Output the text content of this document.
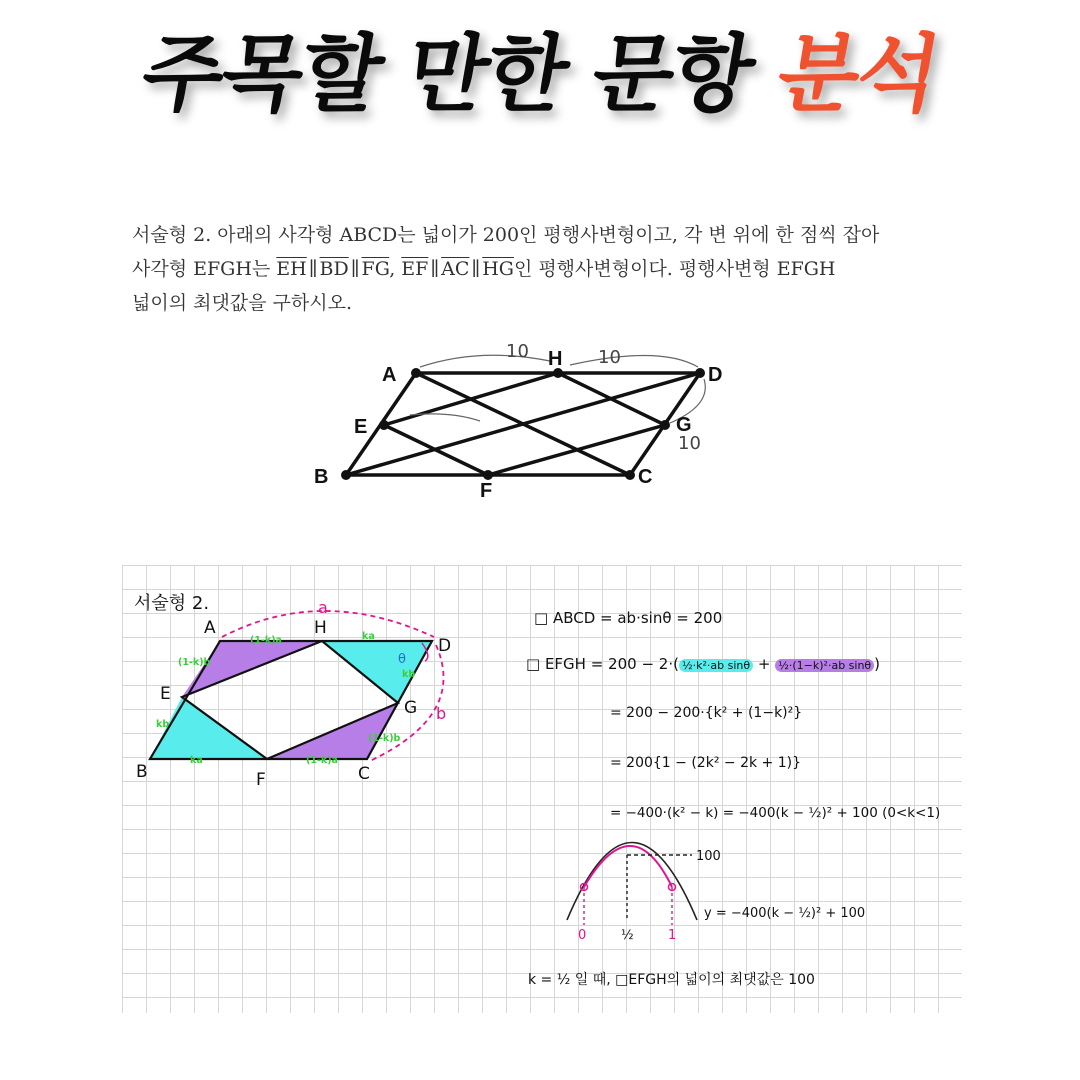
주목할 만한 문항 분석
서술형 2. 아래의 사각형 ABCD는 넓이가 200인 평행사변형이고, 각 변 위에 한 점씩 잡아
사각형 EFGH는 $\overline{EH}$ ∥ $\overline{BD}$ ∥ $\overline{FG}$, $\overline{EF}$ ∥ $\overline{AC}$ ∥ $\overline{HG}$인 평행사변형이다. 평행사변형 EFGH
넓이의 최댓값을 구하시오.
A
H
D
E	G
B
F
C
10	10
10
서술형 2.
A	H
D
E
G
B	F	C
a
b
θ
(1-k)a	ka
(1-k)b
kb
ka	(1-k)a
kb
(1-k)b
100
0	½	1
y = −400(k − ½)² + 100
□ ABCD = ab·sinθ = 200
□ EFGH = 200 − 2·( ½·k²·ab sinθ + ½·(1−k)²·ab sinθ )
= 200 − 200·{k² + (1−k)²}
= 200{1 − (2k² − 2k + 1)}
= −400·(k² − k) = −400(k − ½)² + 100 (0<k<1)
k = ½ 일 때, □EFGH의 넓이의 최댓값은 100
